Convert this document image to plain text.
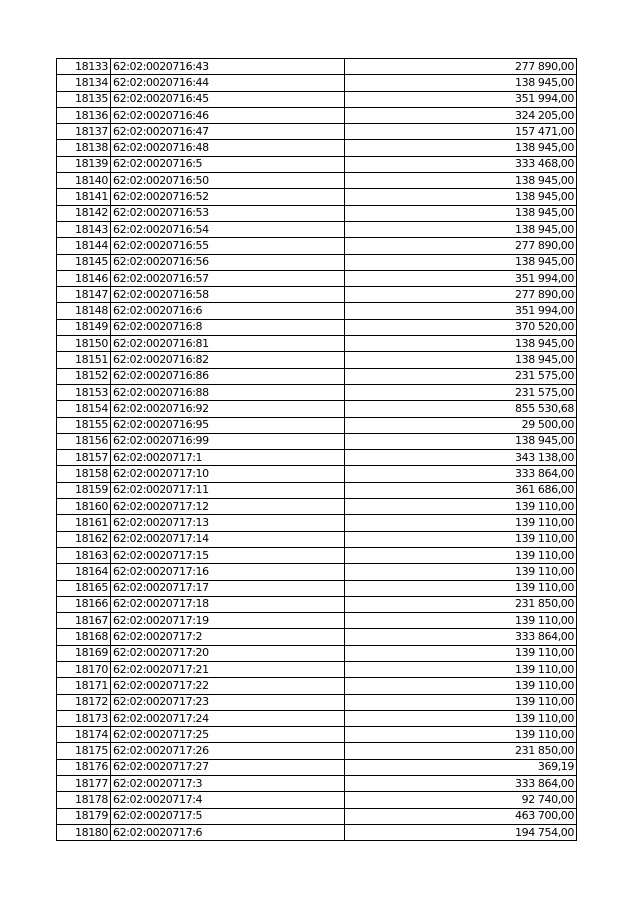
18133	62:02:0020716:43	277 890,00
18134	62:02:0020716:44	138 945,00
18135	62:02:0020716:45	351 994,00
18136	62:02:0020716:46	324 205,00
18137	62:02:0020716:47	157 471,00
18138	62:02:0020716:48	138 945,00
18139	62:02:0020716:5	333 468,00
18140	62:02:0020716:50	138 945,00
18141	62:02:0020716:52	138 945,00
18142	62:02:0020716:53	138 945,00
18143	62:02:0020716:54	138 945,00
18144	62:02:0020716:55	277 890,00
18145	62:02:0020716:56	138 945,00
18146	62:02:0020716:57	351 994,00
18147	62:02:0020716:58	277 890,00
18148	62:02:0020716:6	351 994,00
18149	62:02:0020716:8	370 520,00
18150	62:02:0020716:81	138 945,00
18151	62:02:0020716:82	138 945,00
18152	62:02:0020716:86	231 575,00
18153	62:02:0020716:88	231 575,00
18154	62:02:0020716:92	855 530,68
18155	62:02:0020716:95	29 500,00
18156	62:02:0020716:99	138 945,00
18157	62:02:0020717:1	343 138,00
18158	62:02:0020717:10	333 864,00
18159	62:02:0020717:11	361 686,00
18160	62:02:0020717:12	139 110,00
18161	62:02:0020717:13	139 110,00
18162	62:02:0020717:14	139 110,00
18163	62:02:0020717:15	139 110,00
18164	62:02:0020717:16	139 110,00
18165	62:02:0020717:17	139 110,00
18166	62:02:0020717:18	231 850,00
18167	62:02:0020717:19	139 110,00
18168	62:02:0020717:2	333 864,00
18169	62:02:0020717:20	139 110,00
18170	62:02:0020717:21	139 110,00
18171	62:02:0020717:22	139 110,00
18172	62:02:0020717:23	139 110,00
18173	62:02:0020717:24	139 110,00
18174	62:02:0020717:25	139 110,00
18175	62:02:0020717:26	231 850,00
18176	62:02:0020717:27	369,19
18177	62:02:0020717:3	333 864,00
18178	62:02:0020717:4	92 740,00
18179	62:02:0020717:5	463 700,00
18180	62:02:0020717:6	194 754,00
